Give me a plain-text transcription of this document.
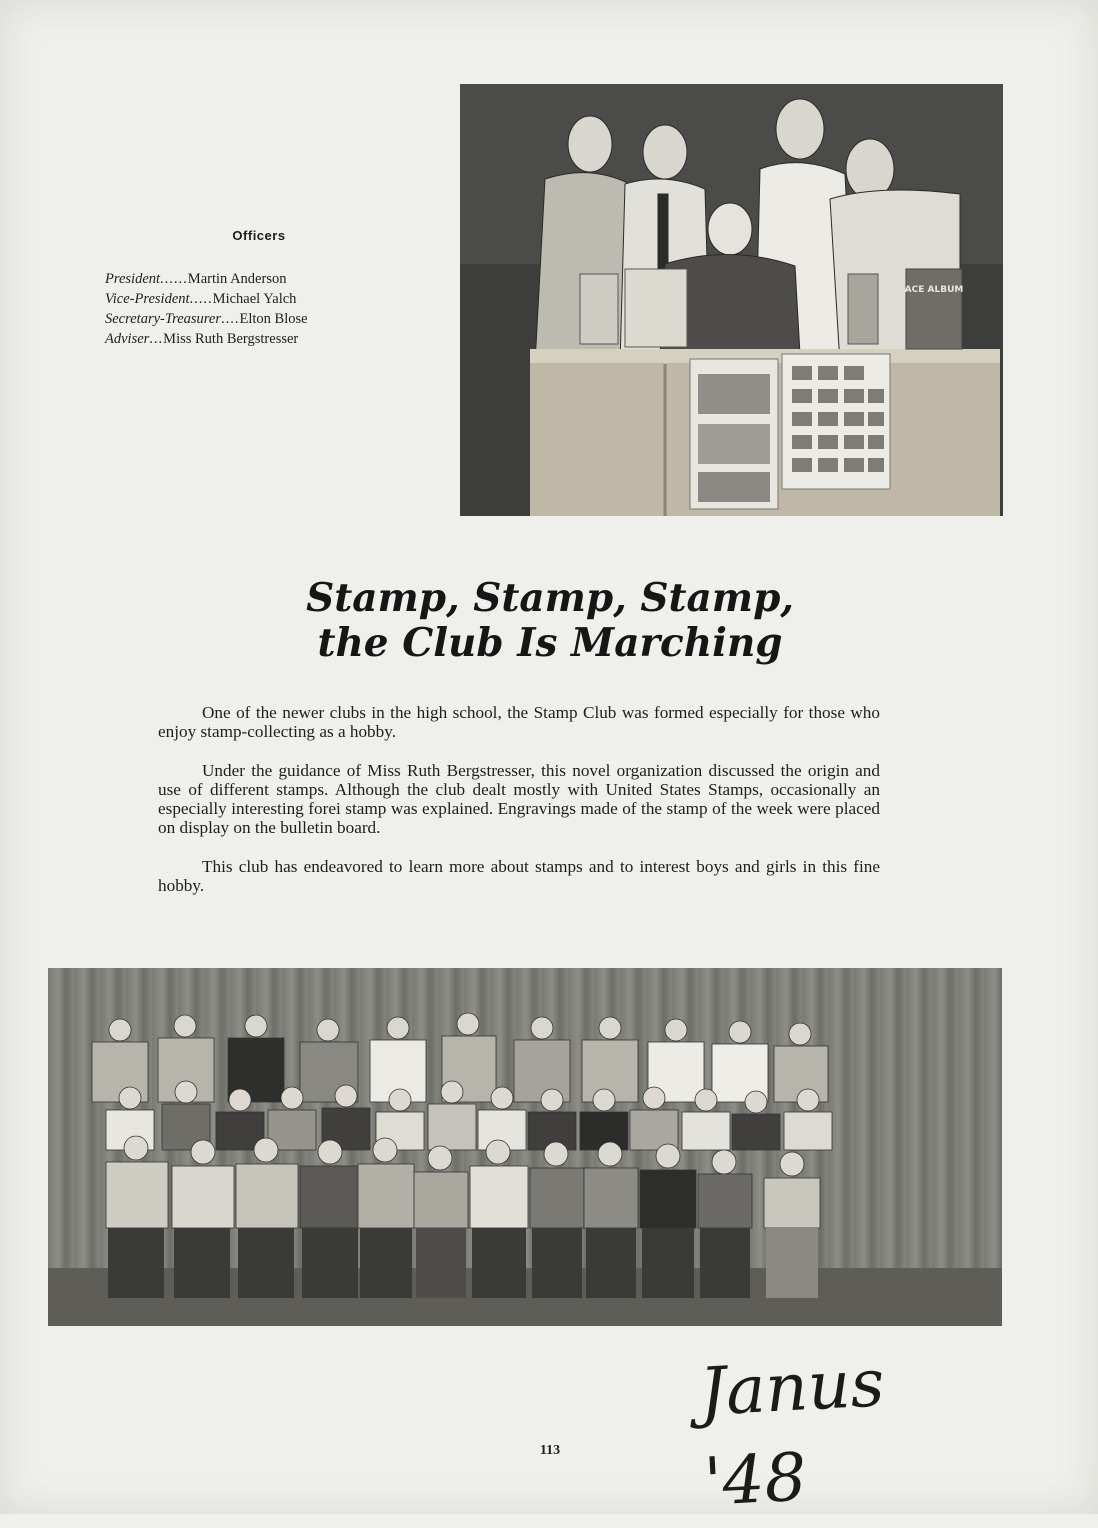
Officers
President......Martin Anderson
Vice-President.....Michael Yalch
Secretary-Treasurer....Elton Blose
Adviser...Miss Ruth Bergstresser
ACE ALBUM

Stamp, Stamp, Stamp,

the Club Is Marching

One of the newer clubs in the high school, the Stamp Club was formed especially for those who enjoy stamp-collecting as a hobby.

Under the guidance of Miss Ruth Bergstresser, this novel organization discussed the origin and use of different stamps. Although the club dealt mostly with United States Stamps, occasionally an especially interesting forei stamp was explained. Engravings made of the stamp of the week were placed on display on the bulletin board.

This club has endeavored to learn more about stamps and to interest boys and girls in this fine hobby.

Janus '48
113
